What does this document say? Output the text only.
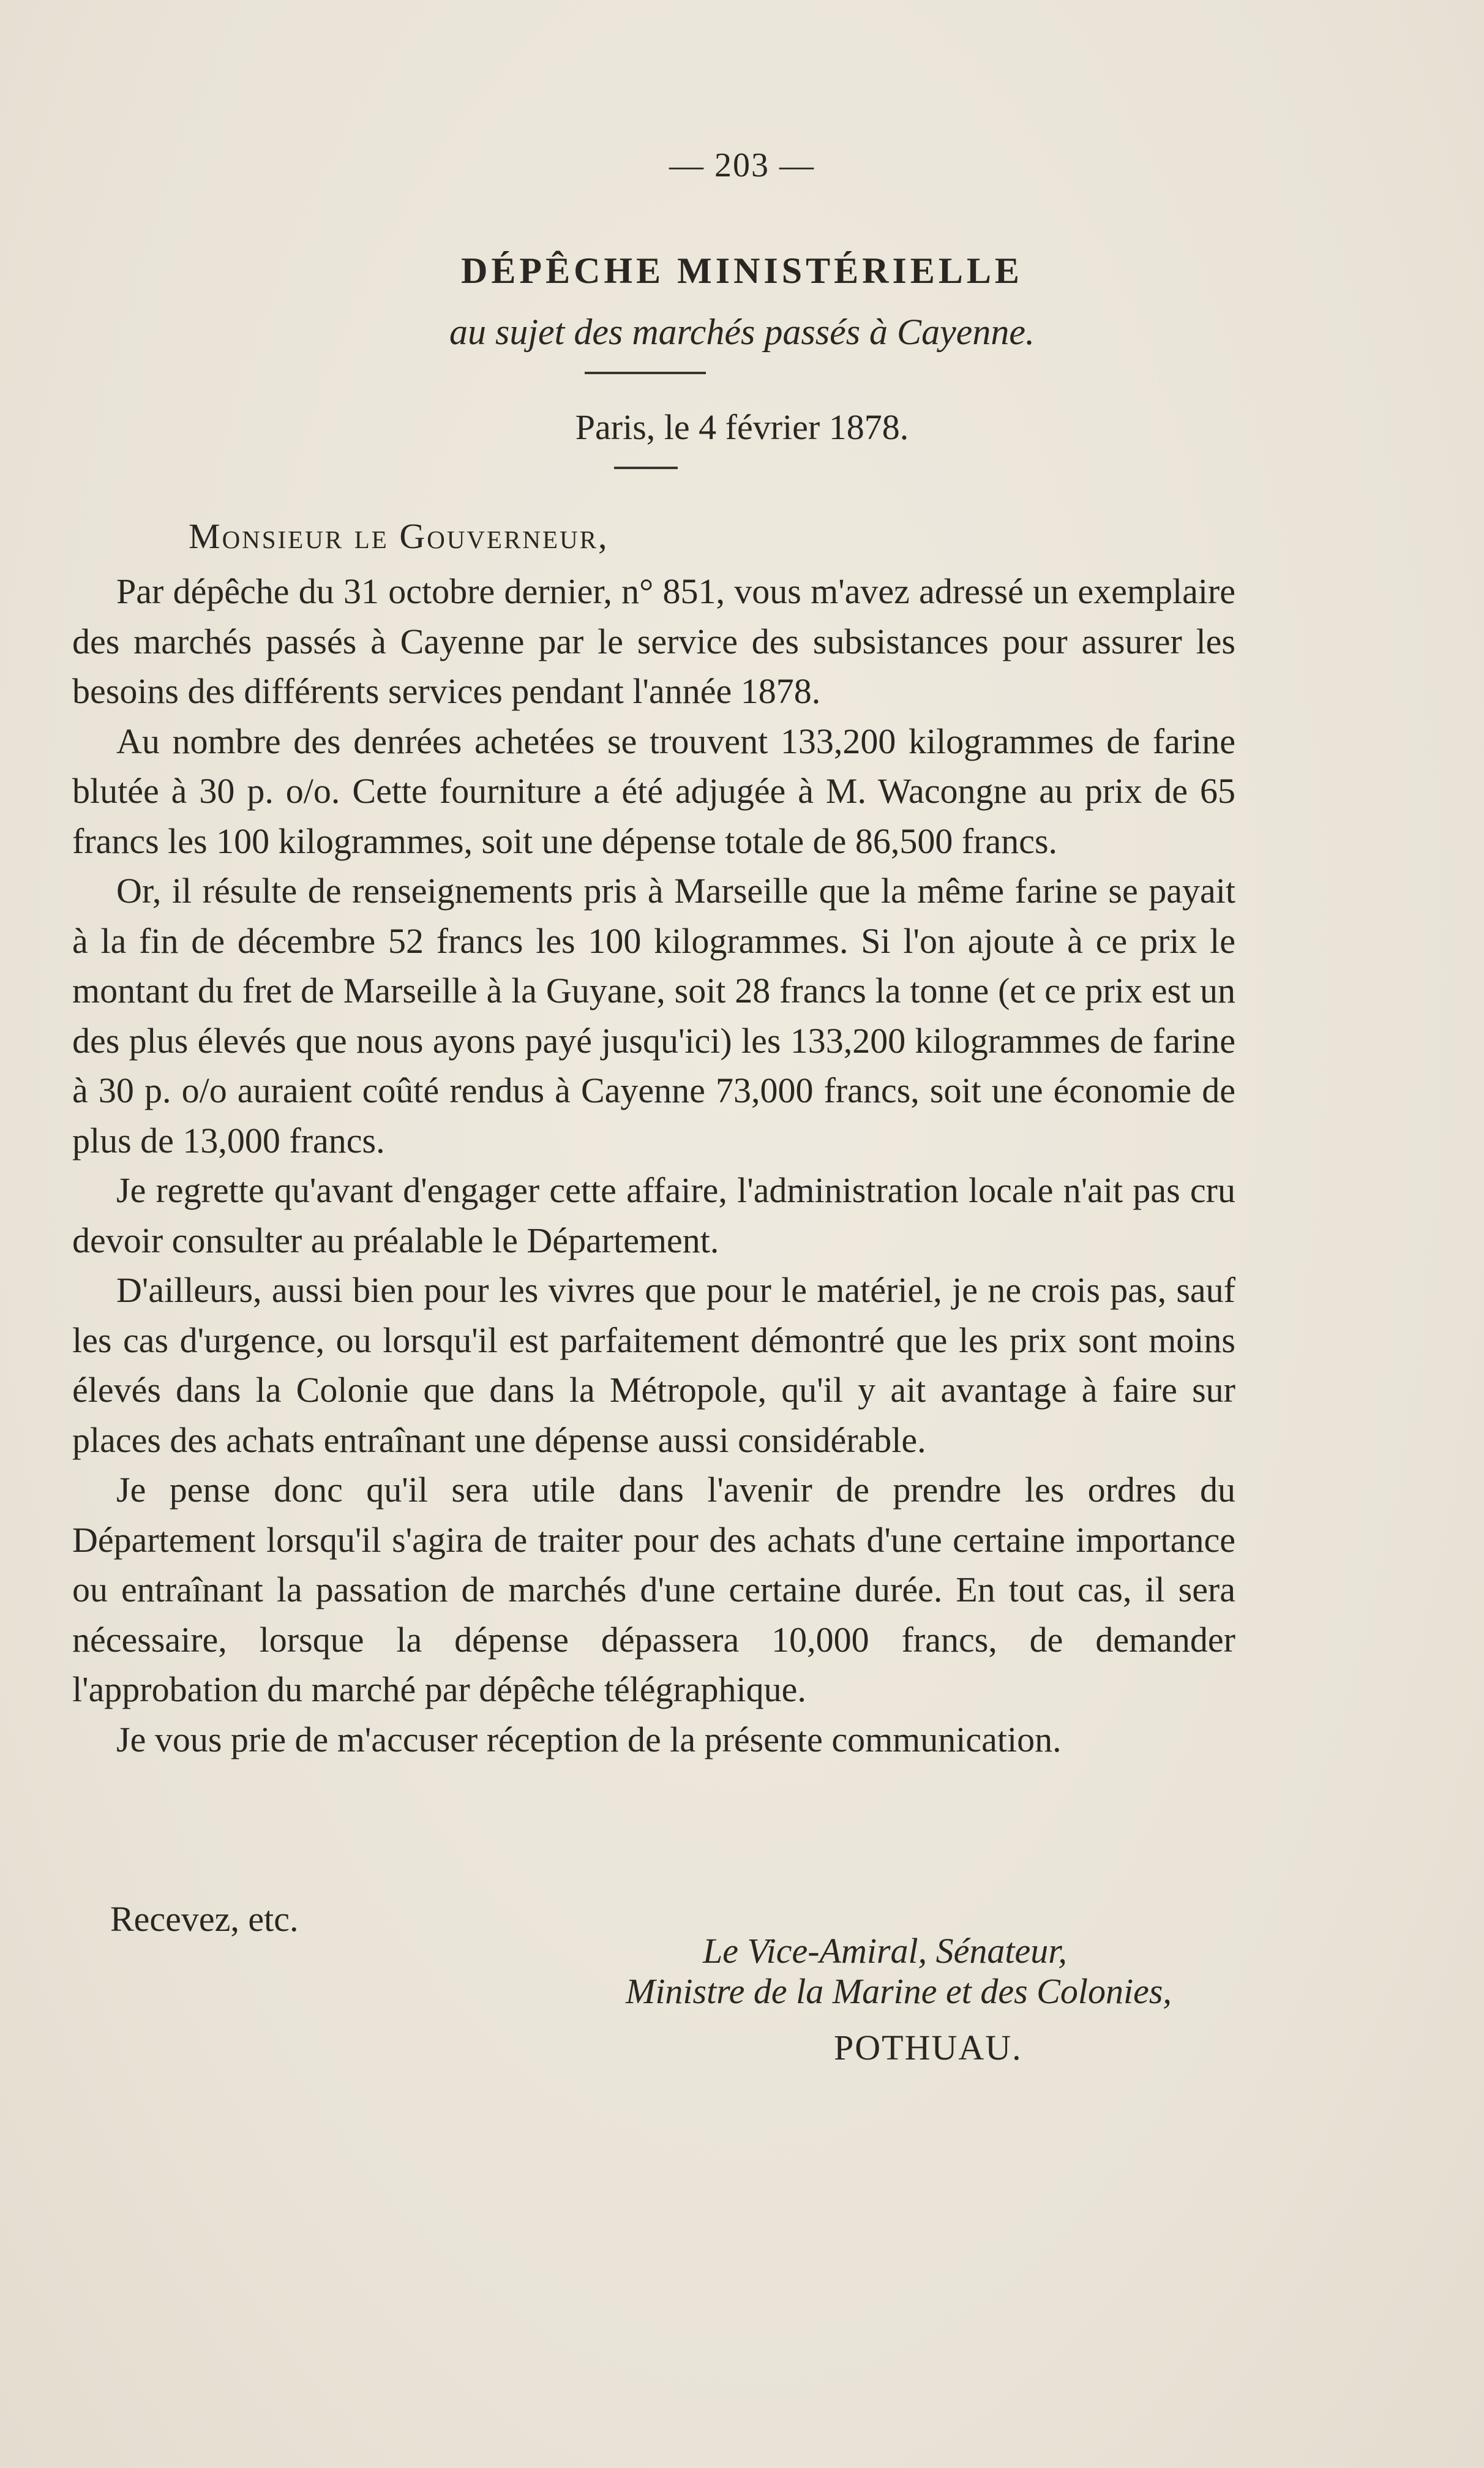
— 203 —
DÉPÊCHE MINISTÉRIELLE
au sujet des marchés passés à Cayenne.
Paris, le 4 février 1878.
Monsieur le Gouverneur,

Par dépêche du 31 octobre dernier, n° 851, vous m'avez adressé un exemplaire des marchés passés à Cayenne par le service des subsistances pour assurer les besoins des différents services pendant l'année 1878.

Au nombre des denrées achetées se trouvent 133,200 kilogrammes de farine blutée à 30 p. o/o. Cette fourniture a été adjugée à M. Wacongne au prix de 65 francs les 100 kilogrammes, soit une dépense totale de 86,500 francs.

Or, il résulte de renseignements pris à Marseille que la même farine se payait à la fin de décembre 52 francs les 100 kilogrammes. Si l'on ajoute à ce prix le montant du fret de Marseille à la Guyane, soit 28 francs la tonne (et ce prix est un des plus élevés que nous ayons payé jusqu'ici) les 133,200 kilogrammes de farine à 30 p. o/o auraient coûté rendus à Cayenne 73,000 francs, soit une économie de plus de 13,000 francs.

Je regrette qu'avant d'engager cette affaire, l'administration locale n'ait pas cru devoir consulter au préalable le Département.

D'ailleurs, aussi bien pour les vivres que pour le matériel, je ne crois pas, sauf les cas d'urgence, ou lorsqu'il est parfaitement démontré que les prix sont moins élevés dans la Colonie que dans la Métropole, qu'il y ait avantage à faire sur places des achats entraînant une dépense aussi considérable.

Je pense donc qu'il sera utile dans l'avenir de prendre les ordres du Département lorsqu'il s'agira de traiter pour des achats d'une certaine importance ou entraînant la passation de marchés d'une certaine durée. En tout cas, il sera nécessaire, lorsque la dépense dépassera 10,000 francs, de demander l'approbation du marché par dépêche télégraphique.

Je vous prie de m'accuser réception de la présente communication.

Recevez, etc.
Le Vice-Amiral, Sénateur,
Ministre de la Marine et des Colonies,
POTHUAU.
